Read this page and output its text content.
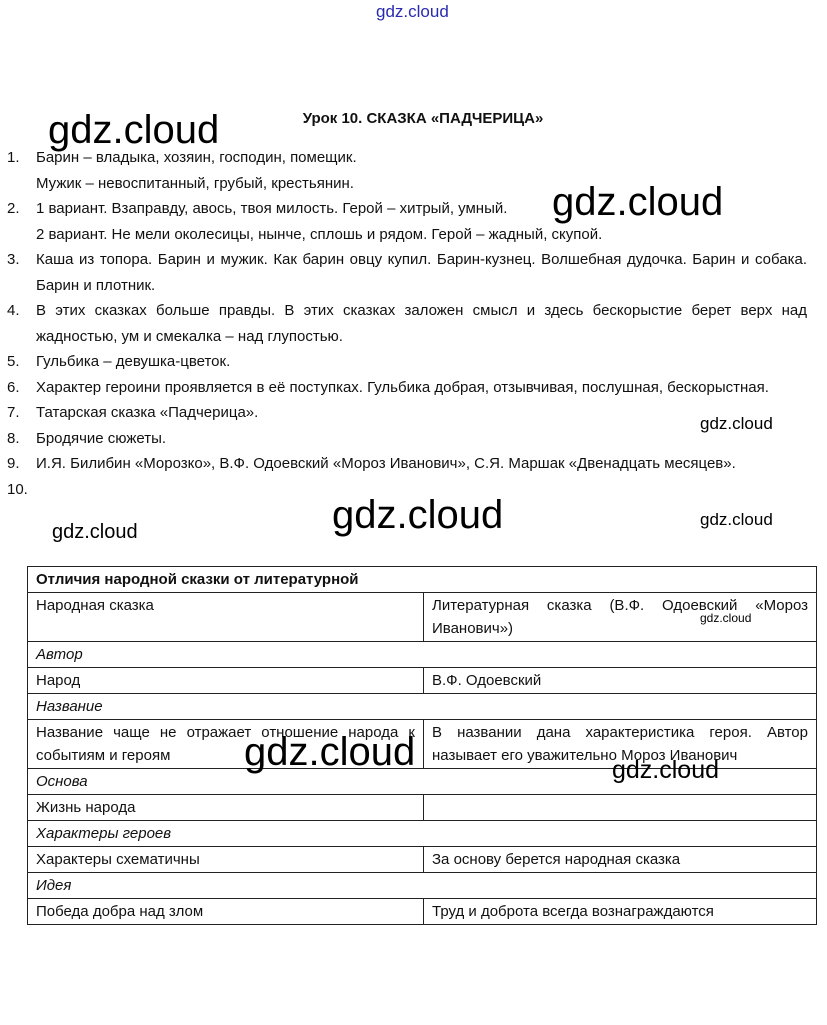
gdz.cloud
Урок 10. СКАЗКА «ПАДЧЕРИЦА»
1.	Барин – владыка, хозяин, господин, помещик.
Мужик – невоспитанный, грубый, крестьянин.
2.	1 вариант. Взаправду, авось, твоя милость. Герой – хитрый, умный.
2 вариант. Не мели околесицы, нынче, сплошь и рядом. Герой – жадный, скупой.
3.	Каша из топора. Барин и мужик. Как барин овцу купил. Барин-кузнец. Волшебная дудочка. Барин и собака. Барин и плотник.
4.	В этих сказках больше правды. В этих сказках заложен смысл и здесь бескорыстие берет верх над жадностью, ум и смекалка – над глупостью.
5.	Гульбика – девушка-цветок.
6.	Характер героини проявляется в её поступках. Гульбика добрая, отзывчивая, послушная, бескорыстная.
7.	Татарская сказка «Падчерица».
8.	Бродячие сюжеты.
9.	И.Я. Билибин «Морозко», В.Ф. Одоевский «Мороз Иванович», С.Я. Маршак «Двенадцать месяцев».
10.
Отличия народной сказки от литературной	
Народная сказка	Литературная сказка (В.Ф. Одоевский «Мороз Иванович»)
Автор	
Народ	В.Ф. Одоевский
Название	
Название чаще не отражает отношение народа к событиям и героям	В названии дана характеристика героя. Автор называет его уважительно Мороз Иванович
Основа	
Жизнь народа	
Характеры героев	
Характеры схематичны	За основу берется народная сказка
Идея	
Победа добра над злом	Труд и доброта всегда вознаграждаются
gdz.cloud
gdz.cloud
gdz.cloud
gdz.cloud	gdz.cloud
gdz.cloud
gdz.cloud
gdz.cloud	gdz.cloud
